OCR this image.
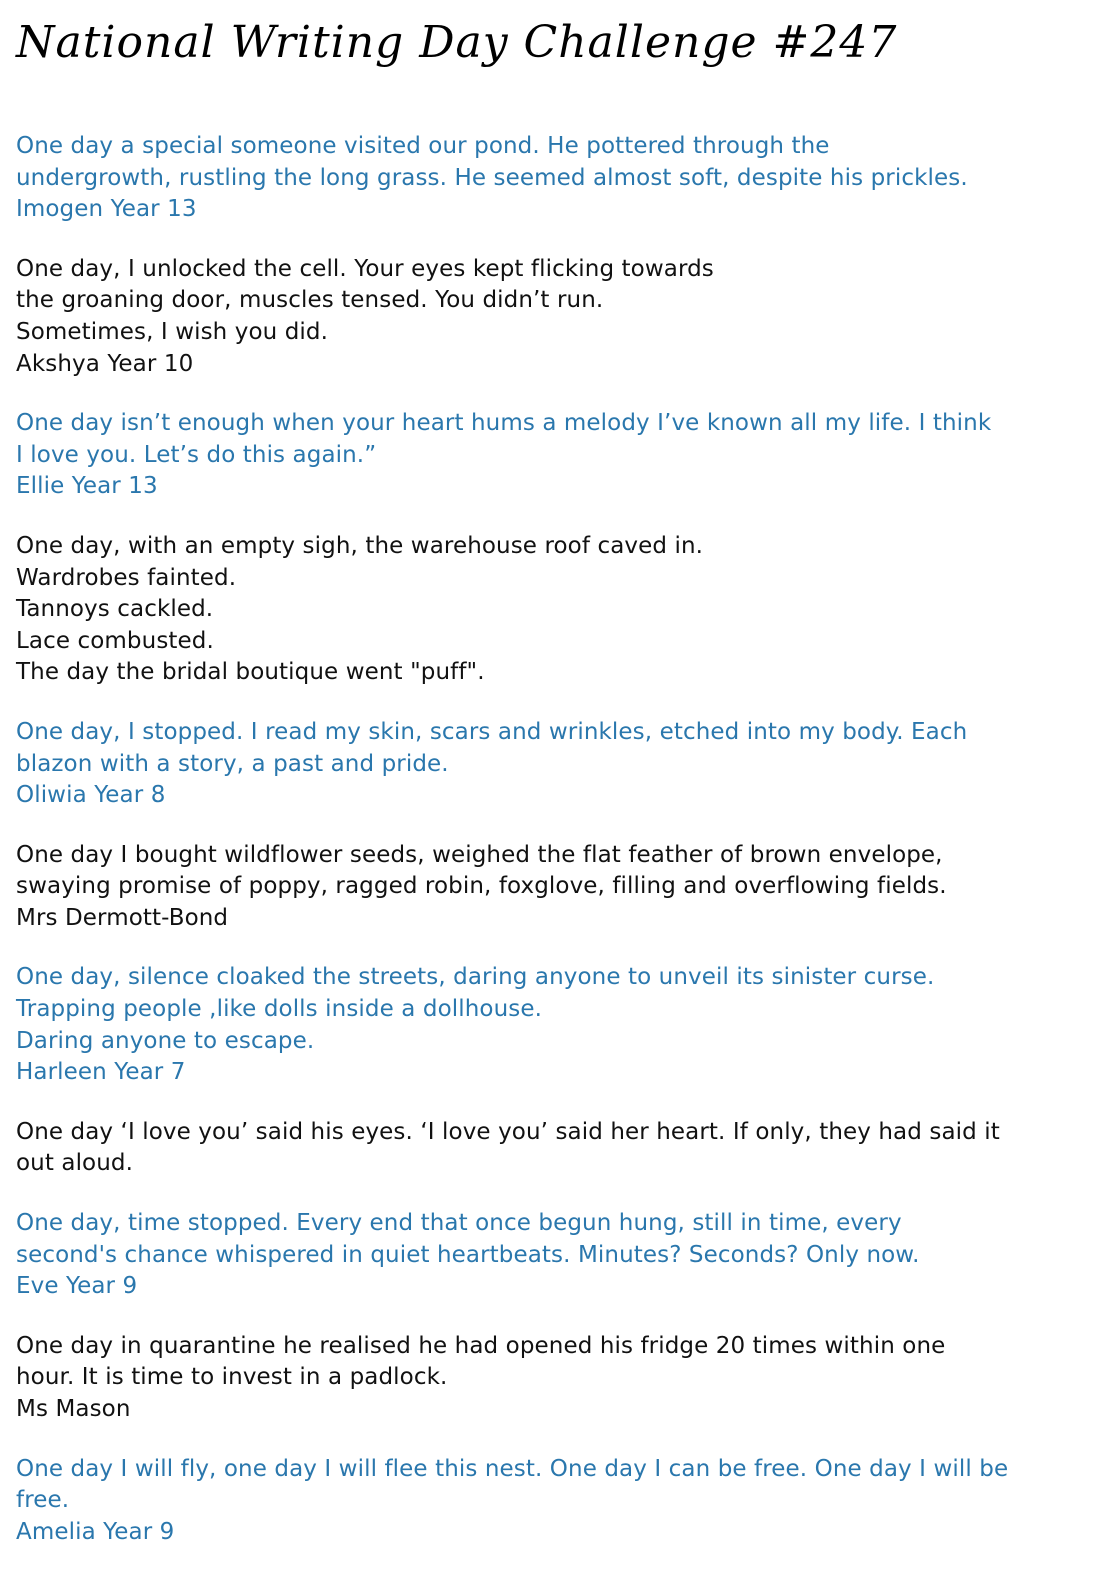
National Writing Day Challenge #247
One day a special someone visited our pond. He pottered through the
undergrowth, rustling the long grass. He seemed almost soft, despite his prickles.
Imogen Year 13
One day, I unlocked the cell. Your eyes kept flicking towards
the groaning door, muscles tensed. You didn’t run.
Sometimes, I wish you did.
Akshya Year 10
One day isn’t enough when your heart hums a melody I’ve known all my life. I think
I love you. Let’s do this again.”
Ellie Year 13
One day, with an empty sigh, the warehouse roof caved in.
Wardrobes fainted.
Tannoys cackled.
Lace combusted.
The day the bridal boutique went "puff".
One day, I stopped. I read my skin, scars and wrinkles, etched into my body. Each
blazon with a story, a past and pride.
Oliwia Year 8
One day I bought wildflower seeds, weighed the flat feather of brown envelope,
swaying promise of poppy, ragged robin, foxglove, filling and overflowing fields.
Mrs Dermott-Bond
One day, silence cloaked the streets, daring anyone to unveil its sinister curse.
Trapping people ,like dolls inside a dollhouse.
Daring anyone to escape.
Harleen Year 7
One day ‘I love you’ said his eyes. ‘I love you’ said her heart. If only, they had said it
out aloud.
One day, time stopped. Every end that once begun hung, still in time, every
second's chance whispered in quiet heartbeats. Minutes? Seconds? Only now.
Eve Year 9
One day in quarantine he realised he had opened his fridge 20 times within one
hour. It is time to invest in a padlock.
Ms Mason
One day I will fly, one day I will flee this nest. One day I can be free. One day I will be
free.
Amelia Year 9
